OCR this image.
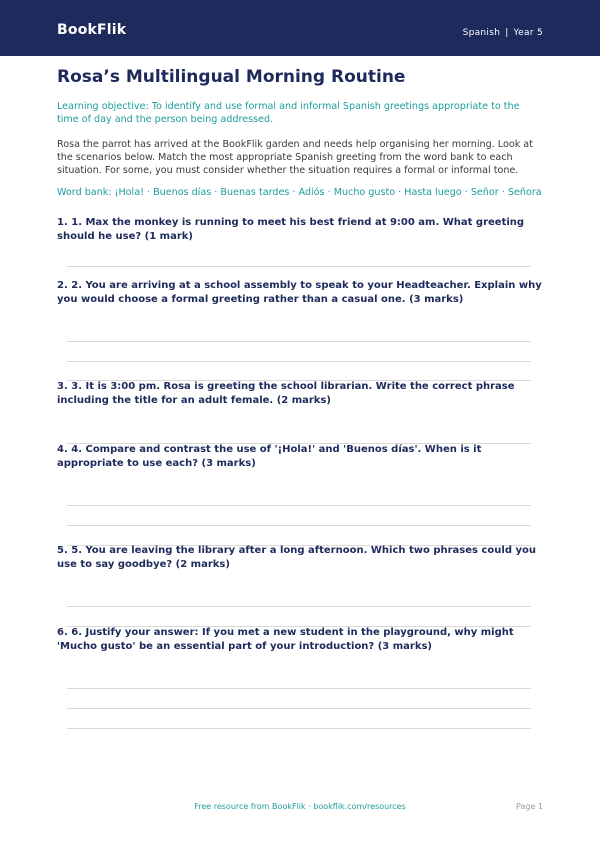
BookFlik	Spanish | Year 5
Rosa’s Multilingual Morning Routine
Learning objective: To identify and use formal and informal Spanish greetings appropriate to the time of day and the person being addressed.
Rosa the parrot has arrived at the BookFlik garden and needs help organising her morning. Look at the scenarios below. Match the most appropriate Spanish greeting from the word bank to each situation. For some, you must consider whether the situation requires a formal or informal tone.
Word bank: ¡Hola! · Buenos días · Buenas tardes · Adiós · Mucho gusto · Hasta luego · Señor · Señora
1. 1. Max the monkey is running to meet his best friend at 9:00 am. What greeting should he use? (1 mark)
2. 2. You are arriving at a school assembly to speak to your Headteacher. Explain why you would choose a formal greeting rather than a casual one. (3 marks)
3. 3. It is 3:00 pm. Rosa is greeting the school librarian. Write the correct phrase including the title for an adult female. (2 marks)
4. 4. Compare and contrast the use of '¡Hola!' and 'Buenos días'. When is it appropriate to use each? (3 marks)
5. 5. You are leaving the library after a long afternoon. Which two phrases could you use to say goodbye? (2 marks)
6. 6. Justify your answer: If you met a new student in the playground, why might 'Mucho gusto' be an essential part of your introduction? (3 marks)
Free resource from BookFlik · bookflik.com/resources	Page 1
